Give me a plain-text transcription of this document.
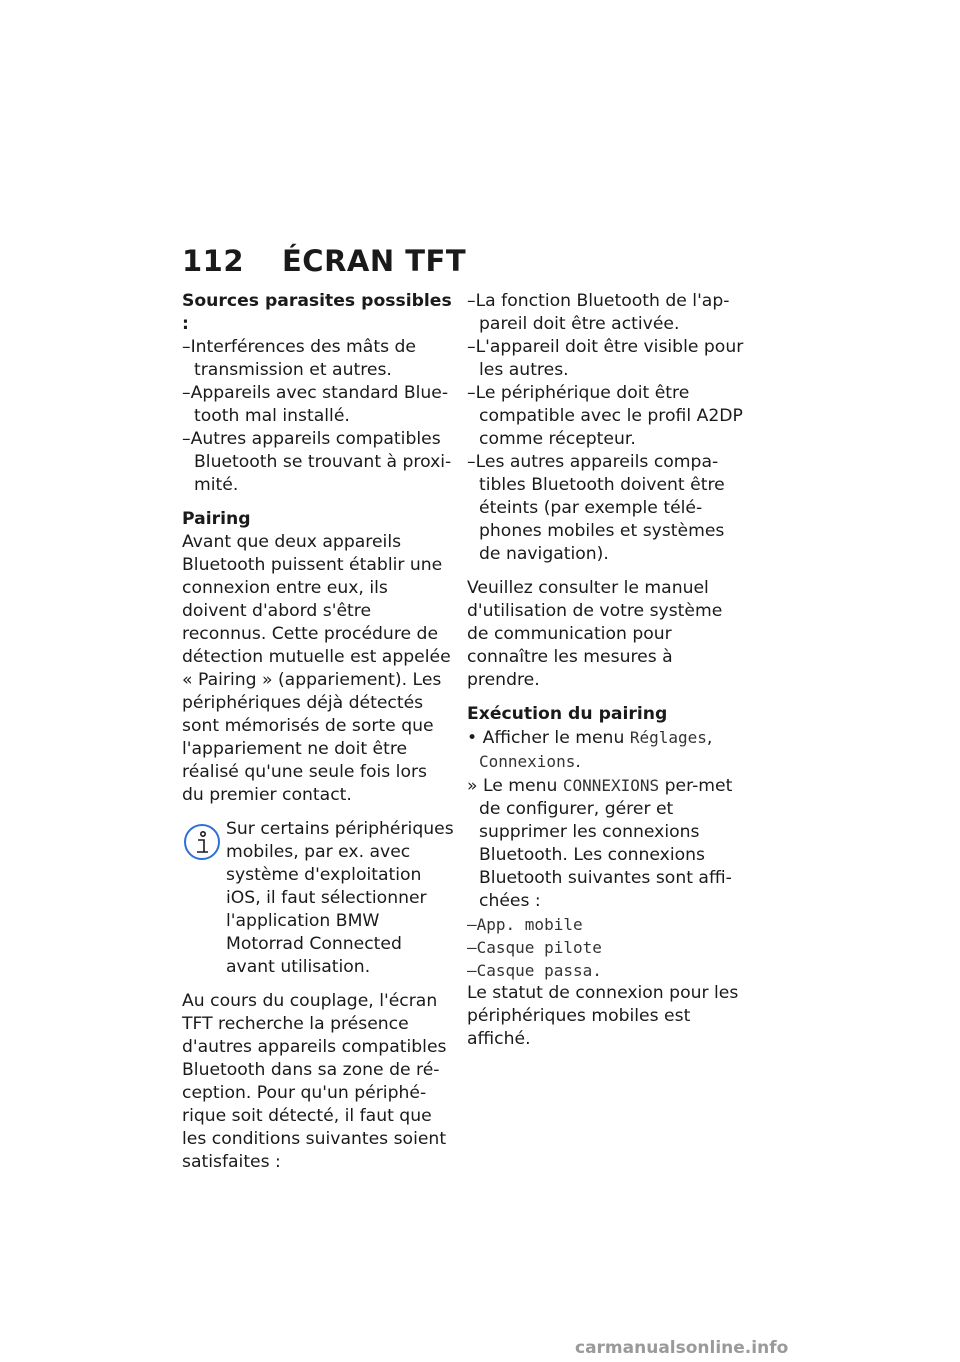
112	ÉCRAN TFT

Sources parasites possibles :

–Interférences des mâts de transmission et autres.

–Appareils avec standard Blue-tooth mal installé.

–Autres appareils compatibles Bluetooth se trouvant à proxi-mité.

Pairing

Avant que deux appareils Bluetooth puissent établir une connexion entre eux, ils doivent d'abord s'être reconnus. Cette procédure de détection mutuelle est appelée « Pairing » (appariement). Les périphériques déjà détectés sont mémorisés de sorte que l'appariement ne doit être réalisé qu'une seule fois lors du premier contact.

Sur certains périphériques mobiles, par ex. avec système d'exploitation iOS, il faut sélectionner l'application BMW Motorrad Connected avant utilisation.

Au cours du couplage, l'écran TFT recherche la présence d'autres appareils compatibles Bluetooth dans sa zone de ré-ception. Pour qu'un périphé-rique soit détecté, il faut que les conditions suivantes soient satisfaites :

–La fonction Bluetooth de l'ap-pareil doit être activée.

–L'appareil doit être visible pour les autres.

–Le périphérique doit être compatible avec le profil A2DP comme récepteur.

–Les autres appareils compa-tibles Bluetooth doivent être éteints (par exemple télé-phones mobiles et systèmes de navigation).

Veuillez consulter le manuel d'utilisation de votre système de communication pour connaître les mesures à prendre.

Exécution du pairing

• Afficher le menu Réglages, Connexions.

» Le menu CONNEXIONS per-met de configurer, gérer et supprimer les connexions Bluetooth. Les connexions Bluetooth suivantes sont affi-chées :

–App. mobile

–Casque pilote

–Casque passa.

Le statut de connexion pour les périphériques mobiles est affiché.

carmanualsonline.info
